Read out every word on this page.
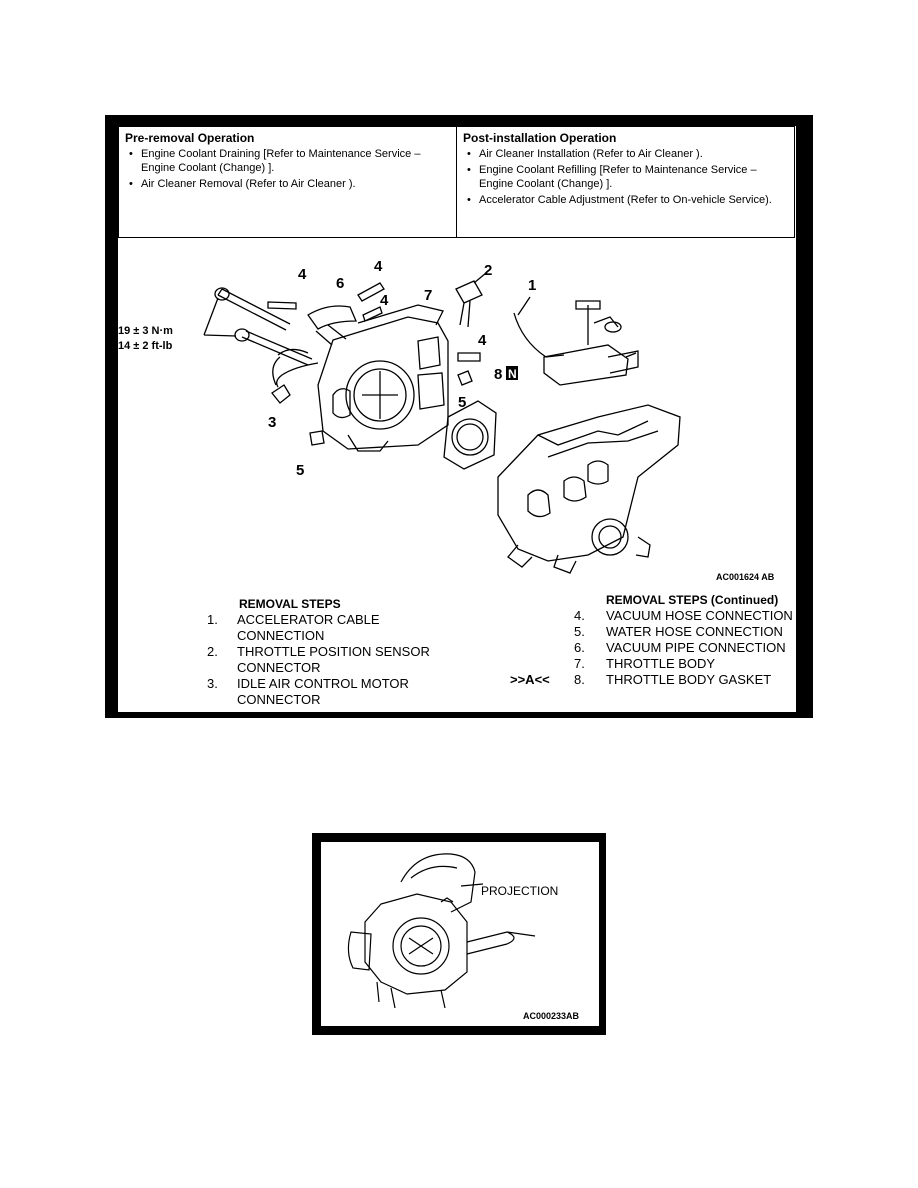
Pre-removal Operation
• Engine Coolant Draining [Refer to Maintenance Service – Engine Coolant (Change) ].
• Air Cleaner Removal (Refer to Air Cleaner ).
Post-installation Operation
• Air Cleaner Installation (Refer to Air Cleaner ).
• Engine Coolant Refilling [Refer to Maintenance Service – Engine Coolant (Change) ].
• Accelerator Cable Adjustment (Refer to On-vehicle Service).
4
6
4
4 7
2
1
4
8 N
5
3
5
19 ± 3 N·m
14 ± 2 ft-lb
AC001624 AB
REMOVAL STEPS
1.	ACCELERATOR CABLE CONNECTION
2.	THROTTLE POSITION SENSOR CONNECTOR
3.	IDLE AIR CONTROL MOTOR CONNECTOR
REMOVAL STEPS (Continued)
4.	VACUUM HOSE CONNECTION
5.	WATER HOSE CONNECTION
6.	VACUUM PIPE CONNECTION
7.	THROTTLE BODY
>>A<<	8.	THROTTLE BODY GASKET
PROJECTION
AC000233AB
